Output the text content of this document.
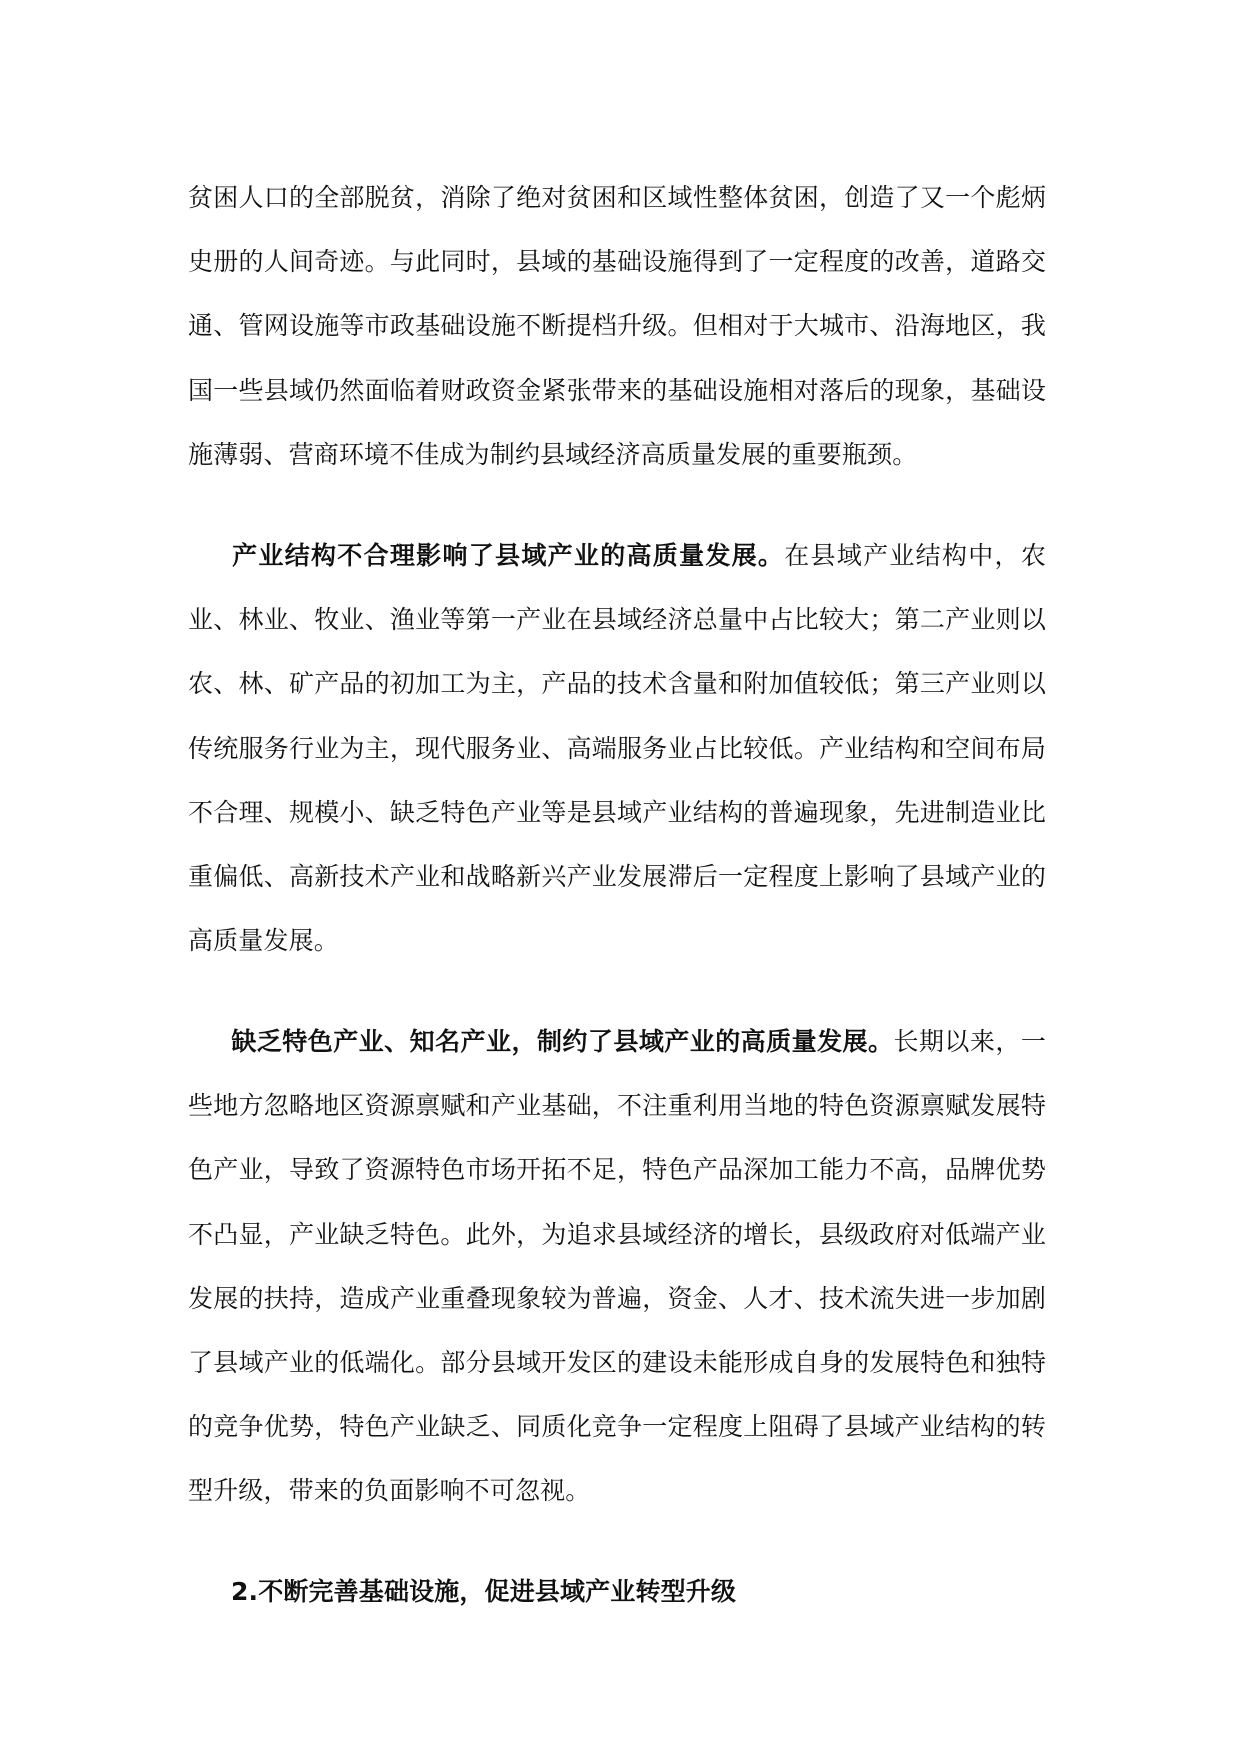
贫困人口的全部脱贫，消除了绝对贫困和区域性整体贫困，创造了又一个彪炳史册的人间奇迹。与此同时，县域的基础设施得到了一定程度的改善，道路交通、管网设施等市政基础设施不断提档升级。但相对于大城市、沿海地区，我国一些县域仍然面临着财政资金紧张带来的基础设施相对落后的现象，基础设施薄弱、营商环境不佳成为制约县域经济高质量发展的重要瓶颈。

产业结构不合理影响了县域产业的高质量发展。在县域产业结构中，农业、林业、牧业、渔业等第一产业在县域经济总量中占比较大；第二产业则以农、林、矿产品的初加工为主，产品的技术含量和附加值较低；第三产业则以传统服务行业为主，现代服务业、高端服务业占比较低。产业结构和空间布局不合理、规模小、缺乏特色产业等是县域产业结构的普遍现象，先进制造业比重偏低、高新技术产业和战略新兴产业发展滞后一定程度上影响了县域产业的高质量发展。

缺乏特色产业、知名产业，制约了县域产业的高质量发展。长期以来，一些地方忽略地区资源禀赋和产业基础，不注重利用当地的特色资源禀赋发展特色产业，导致了资源特色市场开拓不足，特色产品深加工能力不高，品牌优势不凸显，产业缺乏特色。此外，为追求县域经济的增长，县级政府对低端产业发展的扶持，造成产业重叠现象较为普遍，资金、人才、技术流失进一步加剧了县域产业的低端化。部分县域开发区的建设未能形成自身的发展特色和独特的竞争优势，特色产业缺乏、同质化竞争一定程度上阻碍了县域产业结构的转型升级，带来的负面影响不可忽视。

2.不断完善基础设施，促进县域产业转型升级
